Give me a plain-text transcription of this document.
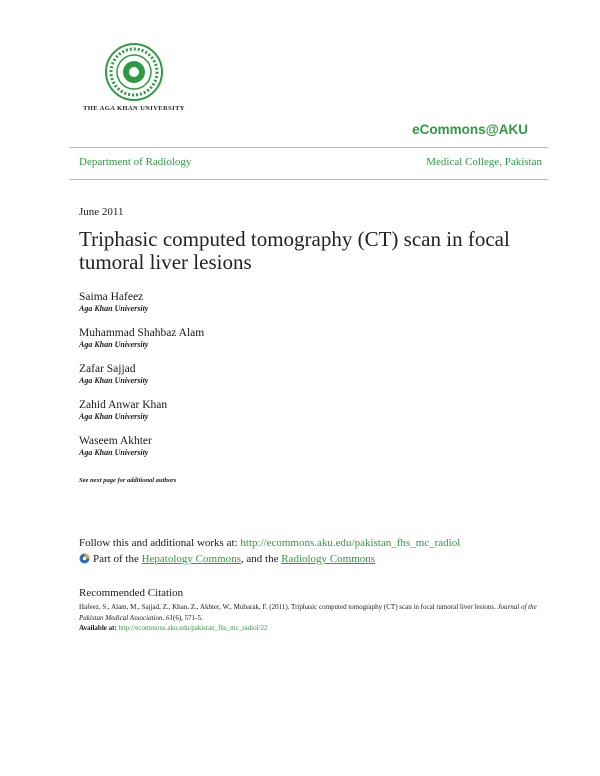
THE AGA KHAN UNIVERSITY
eCommons@AKU
Department of Radiology	Medical College, Pakistan
June 2011
Triphasic computed tomography (CT) scan in focal tumoral liver lesions
Saima Hafeez
Aga Khan University
Muhammad Shahbaz Alam
Aga Khan University
Zafar Sajjad
Aga Khan University
Zahid Anwar Khan
Aga Khan University
Waseem Akhter
Aga Khan University
See next page for additional authors
Follow this and additional works at: http://ecommons.aku.edu/pakistan_fhs_mc_radiol
Part of the Hepatology Commons, and the Radiology Commons
Recommended Citation
Hafeez, S., Alam, M., Sajjad, Z., Khan, Z., Akhter, W., Mubarak, F. (2011). Triphasic computed tomography (CT) scan in focal tumoral liver lesions. Journal of the Pakistan Medical Association, 61(6), 571-5.
Available at: http://ecommons.aku.edu/pakistan_fhs_mc_radiol/22
